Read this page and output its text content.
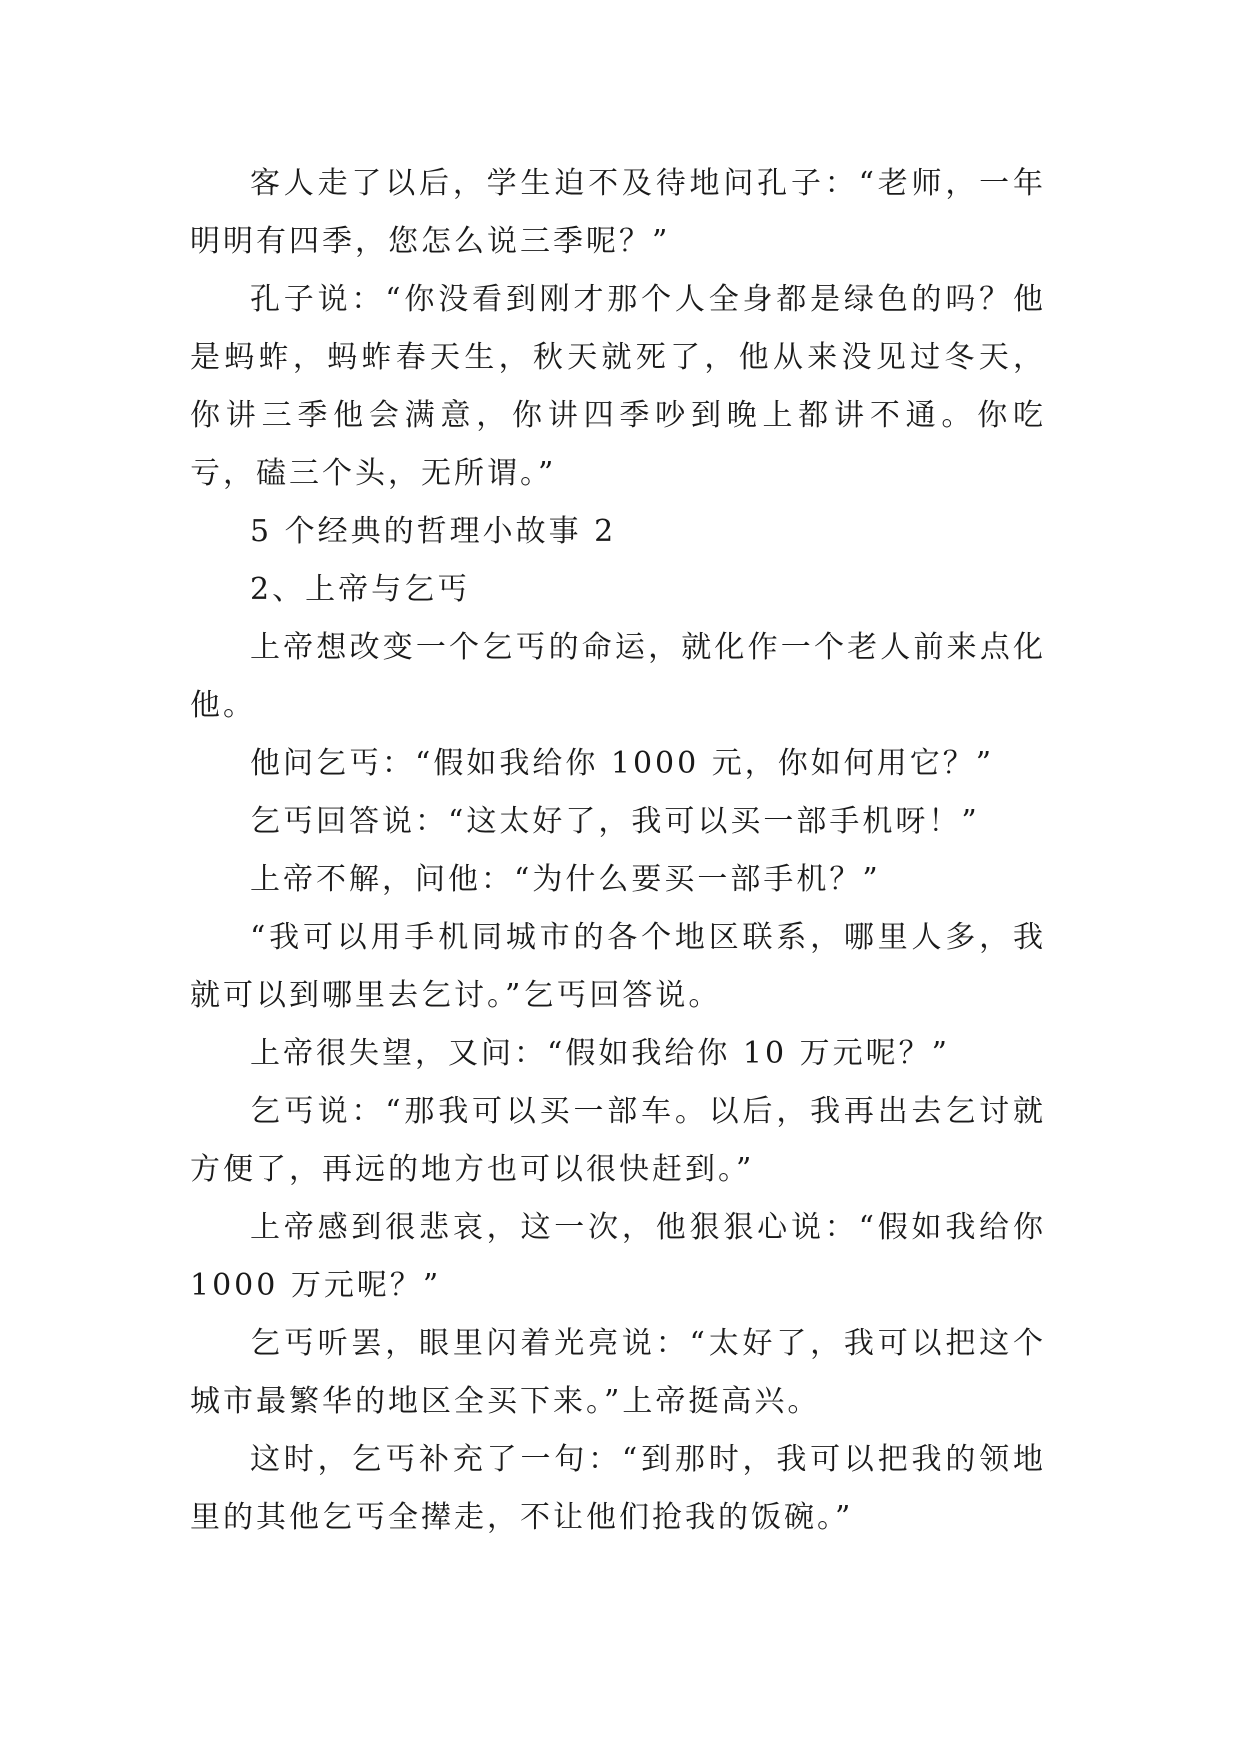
客人走了以后，学生迫不及待地问孔子：“老师，一年明明有四季，您怎么说三季呢？”

孔子说：“你没看到刚才那个人全身都是绿色的吗？他是蚂蚱，蚂蚱春天生，秋天就死了，他从来没见过冬天，你讲三季他会满意，你讲四季吵到晚上都讲不通。你吃亏，磕三个头，无所谓。”

5 个经典的哲理小故事 2

2、上帝与乞丐

上帝想改变一个乞丐的命运，就化作一个老人前来点化他。

他问乞丐：“假如我给你 1000 元，你如何用它？”

乞丐回答说：“这太好了，我可以买一部手机呀！”

上帝不解，问他：“为什么要买一部手机？”

“我可以用手机同城市的各个地区联系，哪里人多，我就可以到哪里去乞讨。”乞丐回答说。

上帝很失望，又问：“假如我给你 10 万元呢？”

乞丐说：“那我可以买一部车。以后，我再出去乞讨就方便了，再远的地方也可以很快赶到。”

上帝感到很悲哀，这一次，他狠狠心说：“假如我给你 1000 万元呢？”

乞丐听罢，眼里闪着光亮说：“太好了，我可以把这个城市最繁华的地区全买下来。”上帝挺高兴。

这时，乞丐补充了一句：“到那时，我可以把我的领地里的其他乞丐全撵走，不让他们抢我的饭碗。”
